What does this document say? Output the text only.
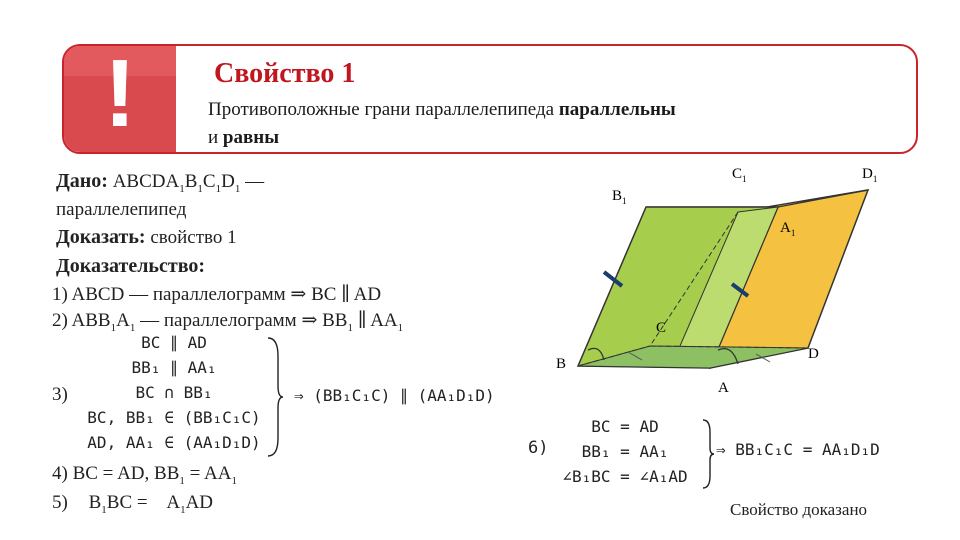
!	Свойство 1
Противоположные грани параллелепипеда параллельны
и равны
Дано: $ABCDA_1B_1C_1D_1$ —
параллелепипед
Доказать: свойство 1
Доказательство:
1) ABCD — параллелограмм ⇒ BC ∥ AD
2) $ABB_1A_1$ — параллелограмм ⇒ $BB_1$ ∥ $AA_1$
3)
BC ∥ AD
BB₁ ∥ AA₁
BC ∩ BB₁
BC, BB₁ ∈ (BB₁C₁C)
AD, AA₁ ∈ (AA₁D₁D)
⇒ (BB₁C₁C) ∥ (AA₁D₁D)
4) BC = AD, $BB_1 = AA_1$
5) $B_1BC = A_1AD$
6)
BC = AD
BB₁ = AA₁
∠B₁BC = ∠A₁AD
⇒ BB₁C₁C = AA₁D₁D
Свойство доказано
B
C
A
D
$B_1$
$C_1$	$D_1$
$A_1$
